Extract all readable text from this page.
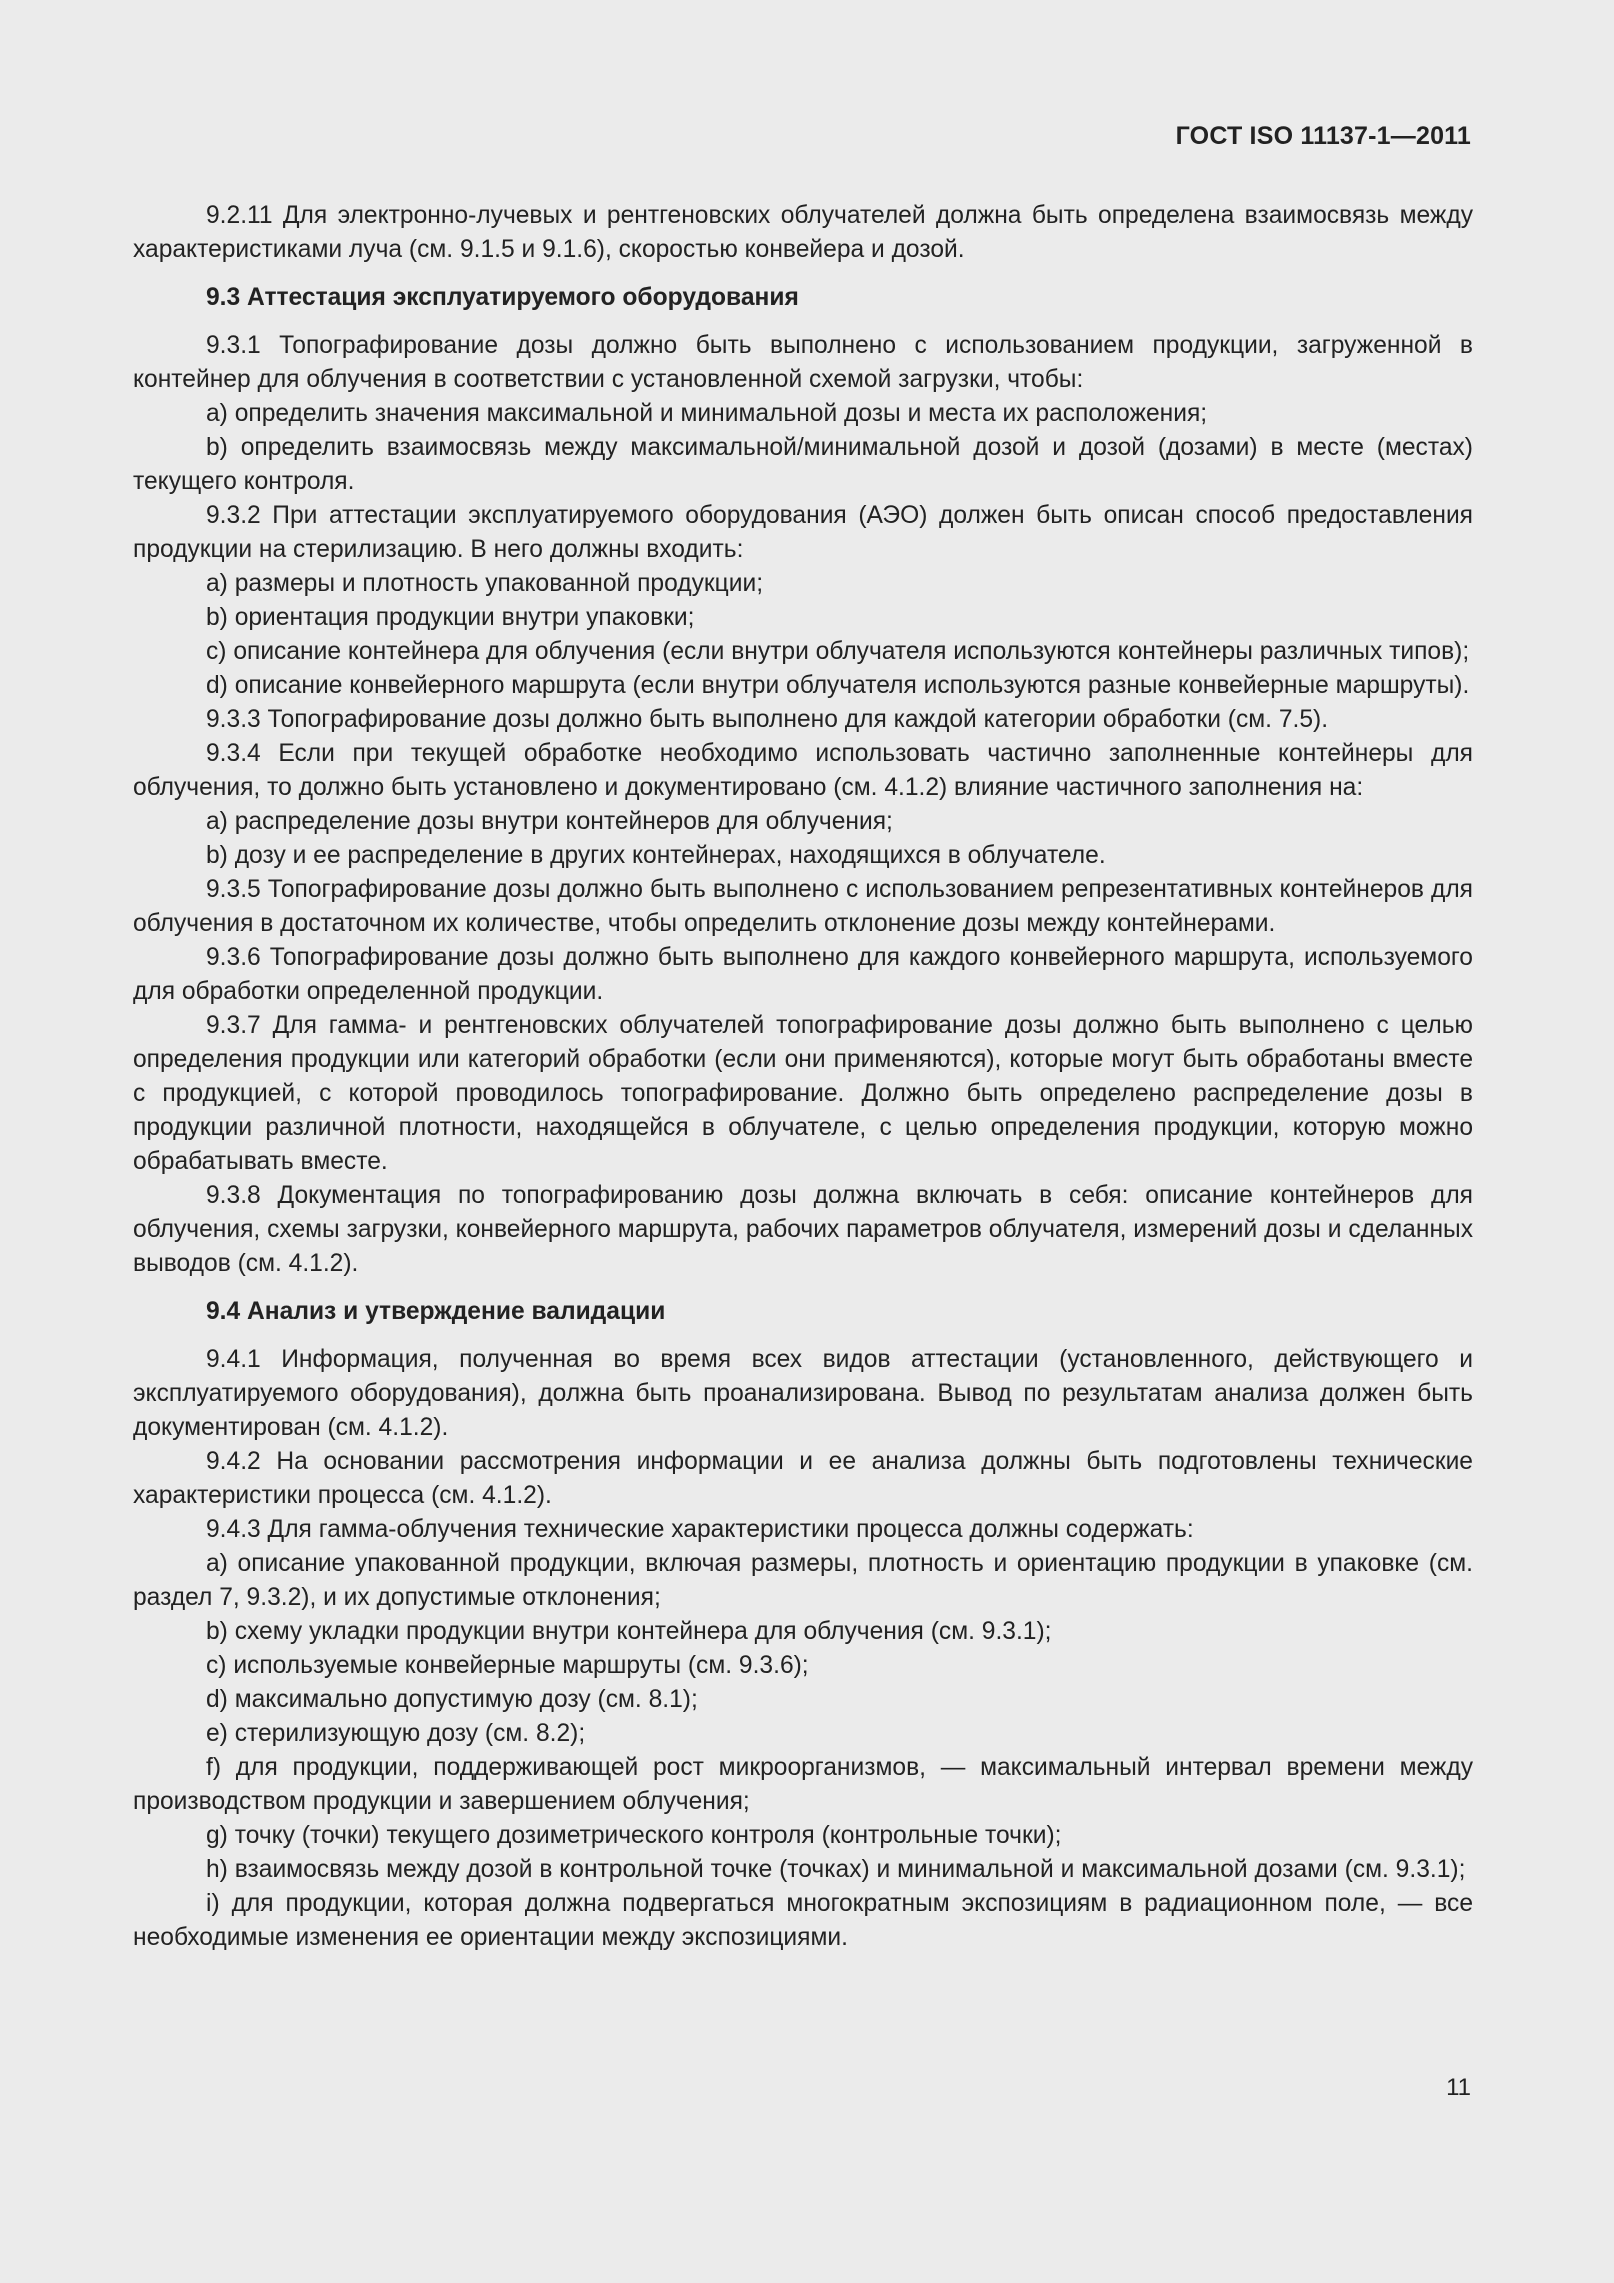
ГОСТ ISO 11137-1—2011
9.2.11 Для электронно-лучевых и рентгеновских облучателей должна быть определена взаимосвязь между характеристиками луча (см. 9.1.5 и 9.1.6), скоростью конвейера и дозой.
9.3 Аттестация эксплуатируемого оборудования
9.3.1 Топографирование дозы должно быть выполнено с использованием продукции, загруженной в контейнер для облучения в соответствии с установленной схемой загрузки, чтобы:
a) определить значения максимальной и минимальной дозы и места их расположения;
b) определить взаимосвязь между максимальной/минимальной дозой и дозой (дозами) в месте (местах) текущего контроля.
9.3.2 При аттестации эксплуатируемого оборудования (АЭО) должен быть описан способ предоставления продукции на стерилизацию. В него должны входить:
a) размеры и плотность упакованной продукции;
b) ориентация продукции внутри упаковки;
c) описание контейнера для облучения (если внутри облучателя используются контейнеры различных типов);
d) описание конвейерного маршрута (если внутри облучателя используются разные конвейерные маршруты).
9.3.3 Топографирование дозы должно быть выполнено для каждой категории обработки (см. 7.5).
9.3.4 Если при текущей обработке необходимо использовать частично заполненные контейнеры для облучения, то должно быть установлено и документировано (см. 4.1.2) влияние частичного заполнения на:
a) распределение дозы внутри контейнеров для облучения;
b) дозу и ее распределение в других контейнерах, находящихся в облучателе.
9.3.5 Топографирование дозы должно быть выполнено с использованием репрезентативных контейнеров для облучения в достаточном их количестве, чтобы определить отклонение дозы между контейнерами.
9.3.6 Топографирование дозы должно быть выполнено для каждого конвейерного маршрута, используемого для обработки определенной продукции.
9.3.7 Для гамма- и рентгеновских облучателей топографирование дозы должно быть выполнено с целью определения продукции или категорий обработки (если они применяются), которые могут быть обработаны вместе с продукцией, с которой проводилось топографирование. Должно быть определено распределение дозы в продукции различной плотности, находящейся в облучателе, с целью определения продукции, которую можно обрабатывать вместе.
9.3.8 Документация по топографированию дозы должна включать в себя: описание контейнеров для облучения, схемы загрузки, конвейерного маршрута, рабочих параметров облучателя, измерений дозы и сделанных выводов (см. 4.1.2).
9.4 Анализ и утверждение валидации
9.4.1 Информация, полученная во время всех видов аттестации (установленного, действующего и эксплуатируемого оборудования), должна быть проанализирована. Вывод по результатам анализа должен быть документирован (см. 4.1.2).
9.4.2 На основании рассмотрения информации и ее анализа должны быть подготовлены технические характеристики процесса (см. 4.1.2).
9.4.3 Для гамма-облучения технические характеристики процесса должны содержать:
a) описание упакованной продукции, включая размеры, плотность и ориентацию продукции в упаковке (см. раздел 7, 9.3.2), и их допустимые отклонения;
b) схему укладки продукции внутри контейнера для облучения (см. 9.3.1);
c) используемые конвейерные маршруты (см. 9.3.6);
d) максимально допустимую дозу (см. 8.1);
e) стерилизующую дозу (см. 8.2);
f) для продукции, поддерживающей рост микроорганизмов, — максимальный интервал времени между производством продукции и завершением облучения;
g) точку (точки) текущего дозиметрического контроля (контрольные точки);
h) взаимосвязь между дозой в контрольной точке (точках) и минимальной и максимальной дозами (см. 9.3.1);
i) для продукции, которая должна подвергаться многократным экспозициям в радиационном поле, — все необходимые изменения ее ориентации между экспозициями.
11
